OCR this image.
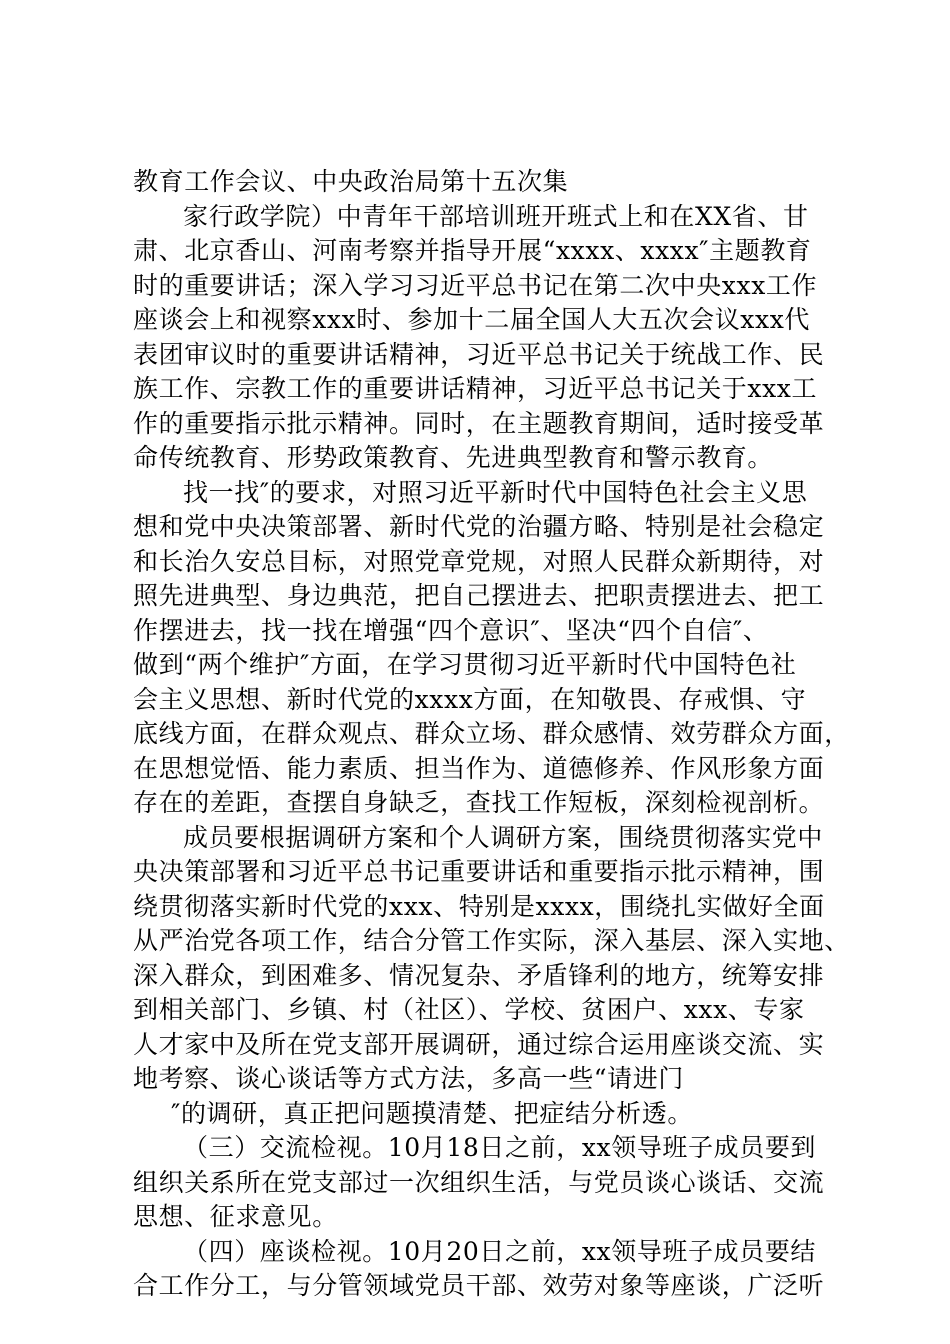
教育工作会议、中央政治局第十五次集
家行政学院）中青年干部培训班开班式上和在XX省、甘
肃、北京香山、河南考察并指导开展“xxxx、xxxx″主题教育
时的重要讲话；深入学习习近平总书记在第二次中央xxx工作
座谈会上和视察xxx时、参加十二届全国人大五次会议xxx代
表团审议时的重要讲话精神，习近平总书记关于统战工作、民
族工作、宗教工作的重要讲话精神，习近平总书记关于xxx工
作的重要指示批示精神。同时，在主题教育期间，适时接受革
命传统教育、形势政策教育、先进典型教育和警示教育。
找一找″的要求，对照习近平新时代中国特色社会主义思
想和党中央决策部署、新时代党的治疆方略、特别是社会稳定
和长治久安总目标，对照党章党规，对照人民群众新期待，对
照先进典型、身边典范，把自己摆进去、把职责摆进去、把工
作摆进去，找一找在增强“四个意识″、坚决“四个自信″、
做到“两个维护″方面，在学习贯彻习近平新时代中国特色社
会主义思想、新时代党的xxxx方面，在知敬畏、存戒惧、守
底线方面，在群众观点、群众立场、群众感情、效劳群众方面，
在思想觉悟、能力素质、担当作为、道德修养、作风形象方面
存在的差距，查摆自身缺乏，查找工作短板，深刻检视剖析。
成员要根据调研方案和个人调研方案，围绕贯彻落实党中
央决策部署和习近平总书记重要讲话和重要指示批示精神，围
绕贯彻落实新时代党的xxx、特别是xxxx，围绕扎实做好全面
从严治党各项工作，结合分管工作实际，深入基层、深入实地、
深入群众，到困难多、情况复杂、矛盾锋利的地方，统筹安排
到相关部门、乡镇、村（社区）、学校、贫困户、xxx、专家
人才家中及所在党支部开展调研，通过综合运用座谈交流、实
地考察、谈心谈话等方式方法，多高一些“请进门
″的调研，真正把问题摸清楚、把症结分析透。
（三）交流检视。10月18日之前，xx领导班子成员要到
组织关系所在党支部过一次组织生活，与党员谈心谈话、交流
思想、征求意见。
（四）座谈检视。10月20日之前，xx领导班子成员要结
合工作分工，与分管领域党员干部、效劳对象等座谈，广泛听
